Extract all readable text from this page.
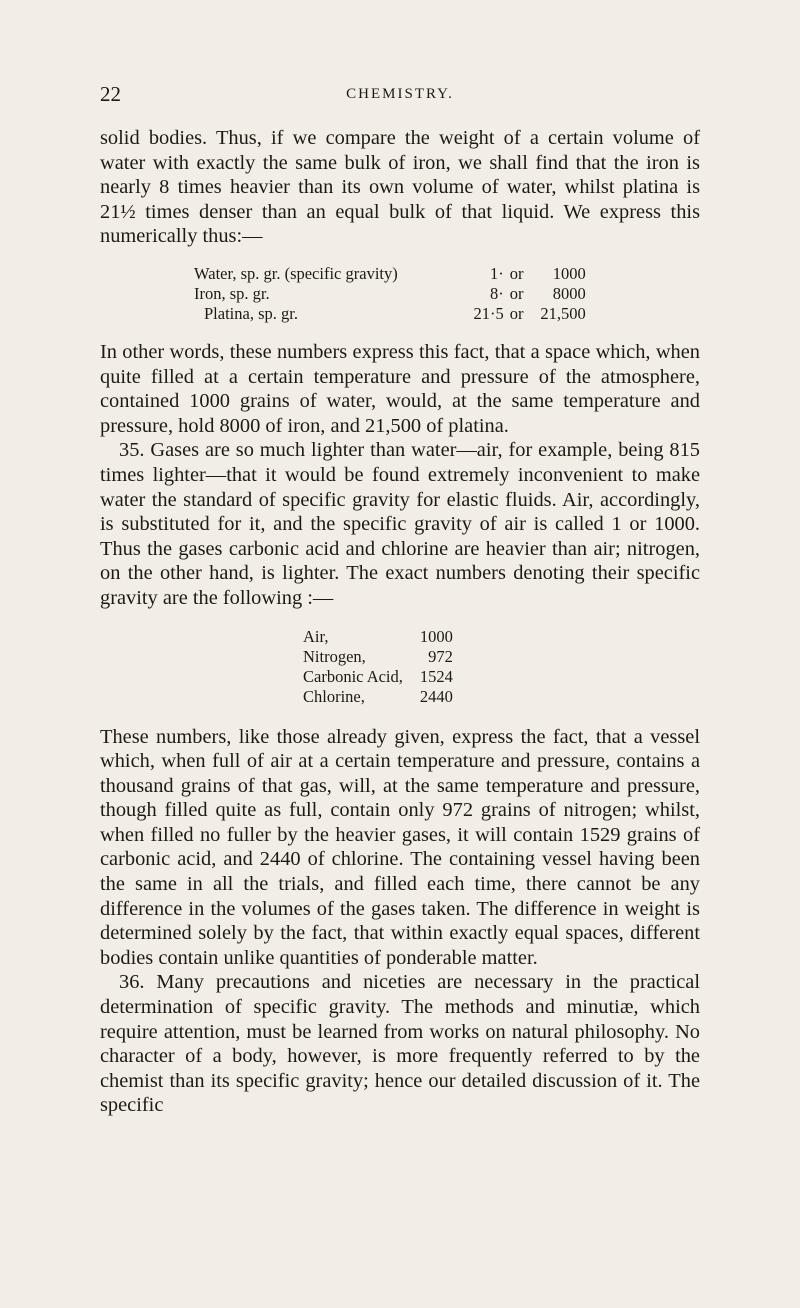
22	CHEMISTRY.

solid bodies. Thus, if we compare the weight of a certain volume of water with exactly the same bulk of iron, we shall find that the iron is nearly 8 times heavier than its own volume of water, whilst platina is 21½ times denser than an equal bulk of that liquid. We express this numerically thus:—

Water, sp. gr. (specific gravity)	1·	or	1000
Iron, sp. gr.	8·	or	8000
Platina, sp. gr.	21·5	or	21,500

In other words, these numbers express this fact, that a space which, when quite filled at a certain temperature and pressure of the atmosphere, contained 1000 grains of water, would, at the same temperature and pressure, hold 8000 of iron, and 21,500 of platina.

35. Gases are so much lighter than water—air, for example, being 815 times lighter—that it would be found extremely inconvenient to make water the standard of specific gravity for elastic fluids. Air, accordingly, is substituted for it, and the specific gravity of air is called 1 or 1000. Thus the gases carbonic acid and chlorine are heavier than air; nitrogen, on the other hand, is lighter. The exact numbers denoting their specific gravity are the following :—

Air,	1000
Nitrogen,	972
Carbonic Acid,	1524
Chlorine,	2440

These numbers, like those already given, express the fact, that a vessel which, when full of air at a certain temperature and pressure, contains a thousand grains of that gas, will, at the same temperature and pressure, though filled quite as full, contain only 972 grains of nitrogen; whilst, when filled no fuller by the heavier gases, it will contain 1529 grains of carbonic acid, and 2440 of chlorine. The containing vessel having been the same in all the trials, and filled each time, there cannot be any difference in the volumes of the gases taken. The difference in weight is determined solely by the fact, that within exactly equal spaces, different bodies contain unlike quantities of ponderable matter.

36. Many precautions and niceties are necessary in the practical determination of specific gravity. The methods and minutiæ, which require attention, must be learned from works on natural philosophy. No character of a body, however, is more frequently referred to by the chemist than its specific gravity; hence our detailed discussion of it. The specific
